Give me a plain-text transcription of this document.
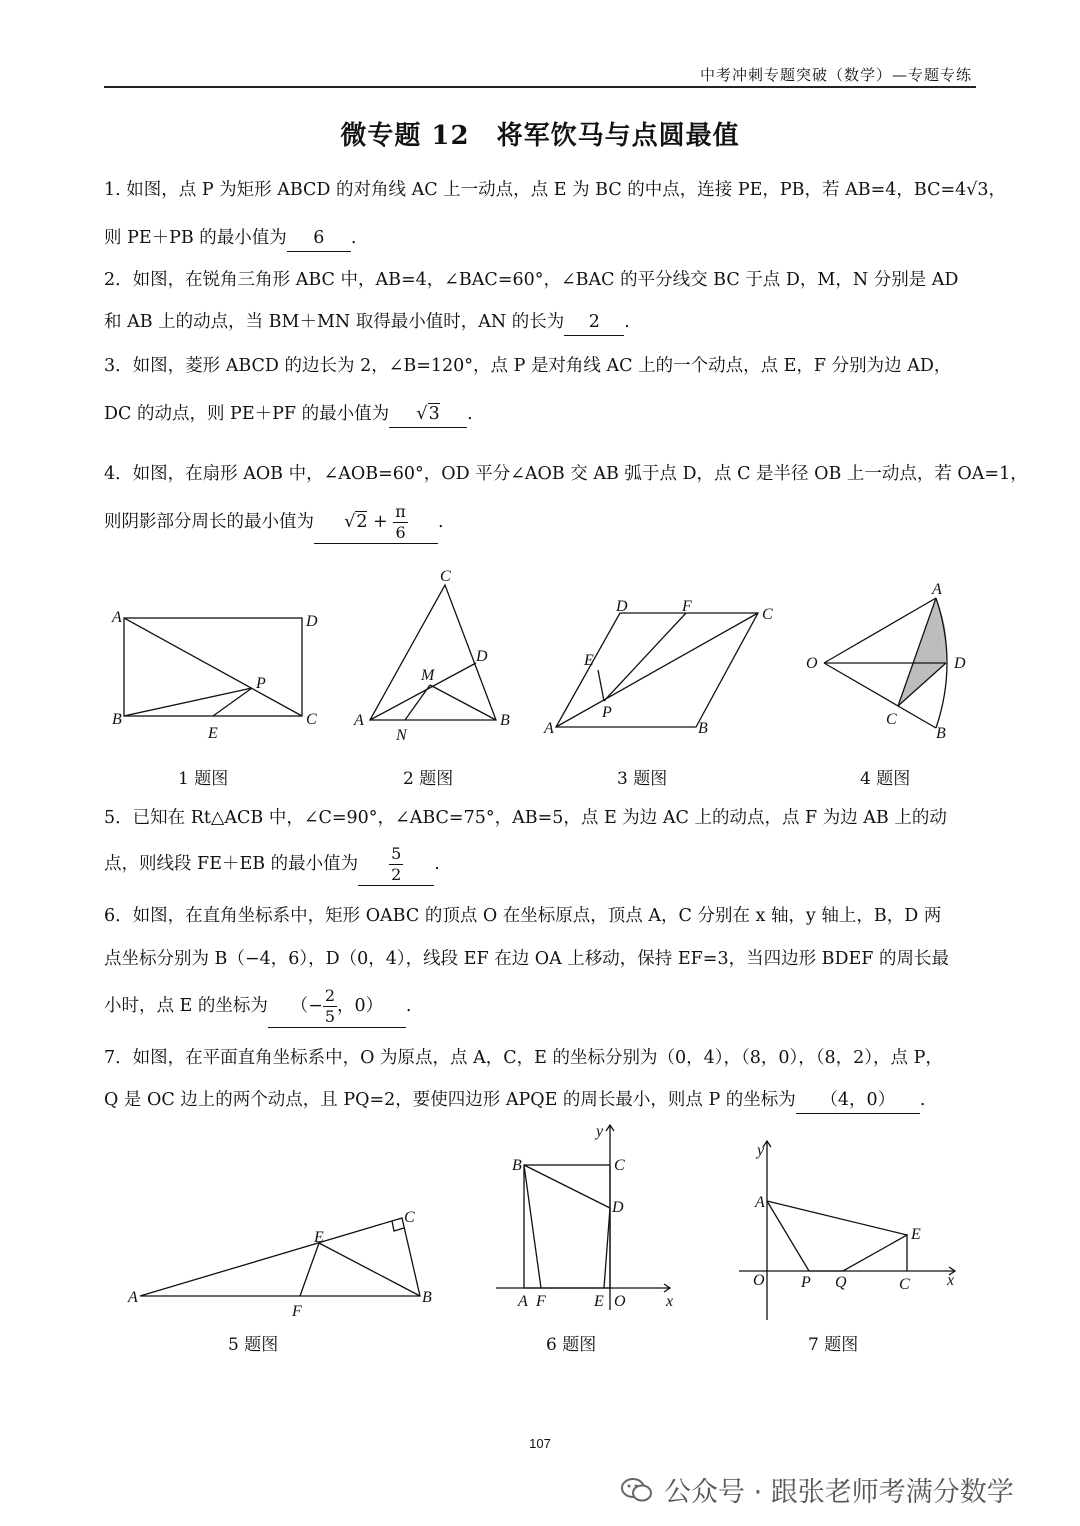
中考冲刺专题突破（数学）—专题专练
微专题 12　将军饮马与点圆最值
1. 如图，点 P 为矩形 ABCD 的对角线 AC 上一动点，点 E 为 BC 的中点，连接 PE，PB，若 AB=4，BC=4√3，
则 PE＋PB 的最小值为 6 .
2．如图，在锐角三角形 ABC 中，AB=4，∠BAC=60°，∠BAC 的平分线交 BC 于点 D，M，N 分别是 AD
和 AB 上的动点，当 BM＋MN 取得最小值时，AN 的长为 2 .
3．如图，菱形 ABCD 的边长为 2，∠B=120°，点 P 是对角线 AC 上的一个动点，点 E，F 分别为边 AD，
DC 的动点，则 PE＋PF 的最小值为 √3 .
4．如图，在扇形 AOB 中，∠AOB=60°，OD 平分∠AOB 交 AB 弧于点 D，点 C 是半径 OB 上一动点，若 OA=1，
则阴影部分周长的最小值为 $√2 + \frac{\pi}{6}$ .
A	D
B	C
P
E
C
D
M
A
N
B
D	F	C
E
P
A	B
A
O	D
C
B
1 题图	2 题图	3 题图	4 题图
5．已知在 Rt△ACB 中，∠C=90°，∠ABC=75°，AB=5，点 E 为边 AC 上的动点，点 F 为边 AB 上的动
点，则线段 FE＋EB 的最小值为 $\frac{5}{2}$ .
6．如图，在直角坐标系中，矩形 OABC 的顶点 O 在坐标原点，顶点 A，C 分别在 x 轴，y 轴上，B，D 两
点坐标分别为 B（−4，6），D（0，4），线段 EF 在边 OA 上移动，保持 EF=3，当四边形 BDEF 的周长最
小时，点 E 的坐标为 （− $\frac{2}{5}$ ，0） .
7．如图，在平面直角坐标系中，O 为原点，点 A，C，E 的坐标分别为（0，4），（8，0），（8，2），点 P，
Q 是 OC 边上的两个动点，且 PQ=2，要使四边形 APQE 的周长最小，则点 P 的坐标为 （4，0） .
C
E
A
F
B
y
B	C
D
A F	E O	x
y
A
E
O P Q	C x
5 题图	6 题图	7 题图
107
公众号 · 跟张老师考满分数学
